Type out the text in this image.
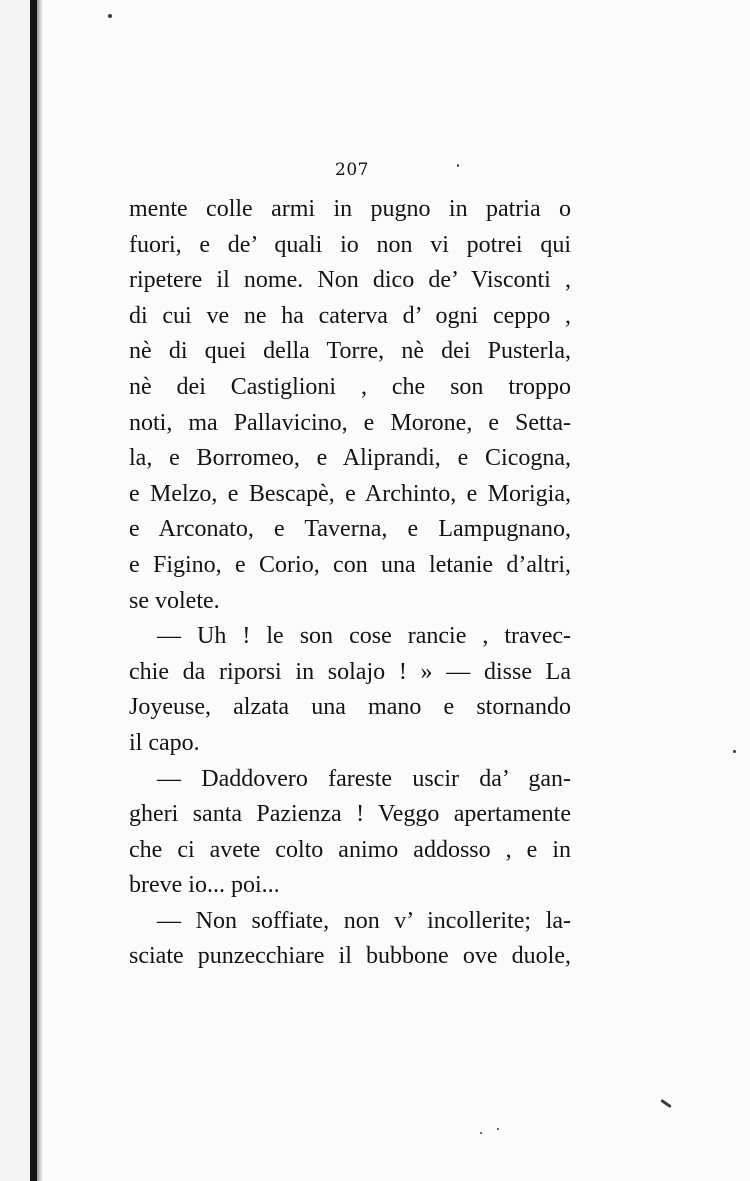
207
mente colle armi in pugno in patria o
fuori, e de’ quali io non vi potrei qui
ripetere il nome. Non dico de’ Visconti ,
di cui ve ne ha caterva d’ ogni ceppo ,
nè di quei della Torre, nè dei Pusterla,
nè dei Castiglioni , che son troppo
noti, ma Pallavicino, e Morone, e Setta-
la, e Borromeo, e Aliprandi, e Cicogna,
e Melzo, e Bescapè, e Archinto, e Morigia,
e Arconato, e Taverna, e Lampugnano,
e Figino, e Corio, con una letanie d’altri,
se volete.
— Uh ! le son cose rancie , travec-
chie da riporsi in solajo ! » — disse La
Joyeuse, alzata una mano e stornando
il capo.
— Daddovero fareste uscir da’ gan-
gheri santa Pazienza ! Veggo apertamente
che ci avete colto animo addosso , e in
breve io... poi...
— Non soffiate, non v’ incollerite; la-
sciate punzecchiare il bubbone ove duole,
